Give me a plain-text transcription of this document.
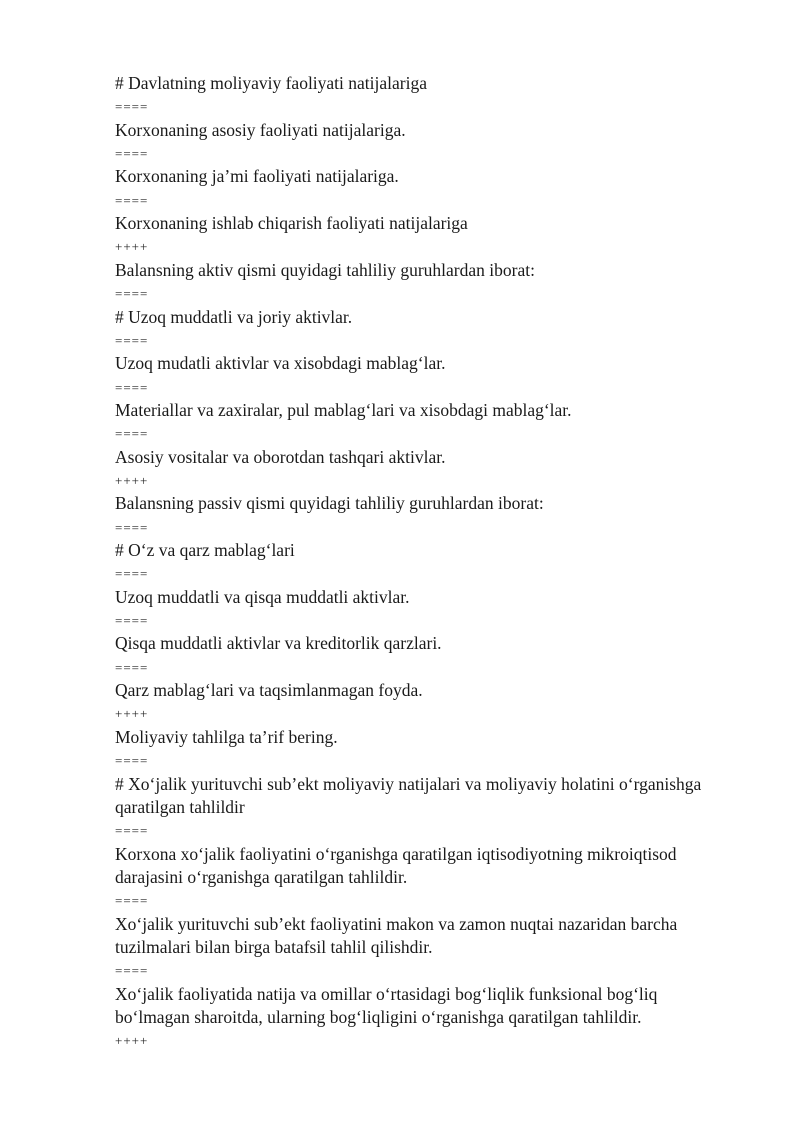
# Davlatning moliyaviy faoliyati natijalariga

====

Korxonaning asosiy faoliyati natijalariga.

====

Korxonaning ja’mi faoliyati natijalariga.

====

Korxonaning ishlab chiqarish faoliyati natijalariga

++++

Balansning aktiv qismi quyidagi tahliliy guruhlardan iborat:

====

# Uzoq muddatli va joriy aktivlar.

====

Uzoq mudatli aktivlar va xisobdagi mablag‘lar.

====

Materiallar va zaxiralar, pul mablag‘lari va xisobdagi mablag‘lar.

====

Asosiy vositalar va oborotdan tashqari aktivlar.

++++

Balansning passiv qismi quyidagi tahliliy guruhlardan iborat:

====

# O‘z va qarz mablag‘lari

====

Uzoq muddatli va qisqa muddatli aktivlar.

====

Qisqa muddatli aktivlar va kreditorlik qarzlari.

====

Qarz mablag‘lari va taqsimlanmagan foyda.

++++

Moliyaviy tahlilga ta’rif bering.

====

# Xo‘jalik yurituvchi sub’ekt moliyaviy natijalari va moliyaviy holatini o‘rganishga qaratilgan tahlildir

====

Korxona xo‘jalik faoliyatini o‘rganishga qaratilgan iqtisodiyotning mikroiqtisod darajasini o‘rganishga qaratilgan tahlildir.

====

Xo‘jalik yurituvchi sub’ekt faoliyatini makon va zamon nuqtai nazaridan barcha tuzilmalari bilan birga batafsil tahlil qilishdir.

====

Xo‘jalik faoliyatida natija va omillar o‘rtasidagi bog‘liqlik funksional bog‘liq bo‘lmagan sharoitda, ularning bog‘liqligini o‘rganishga qaratilgan tahlildir.

++++
